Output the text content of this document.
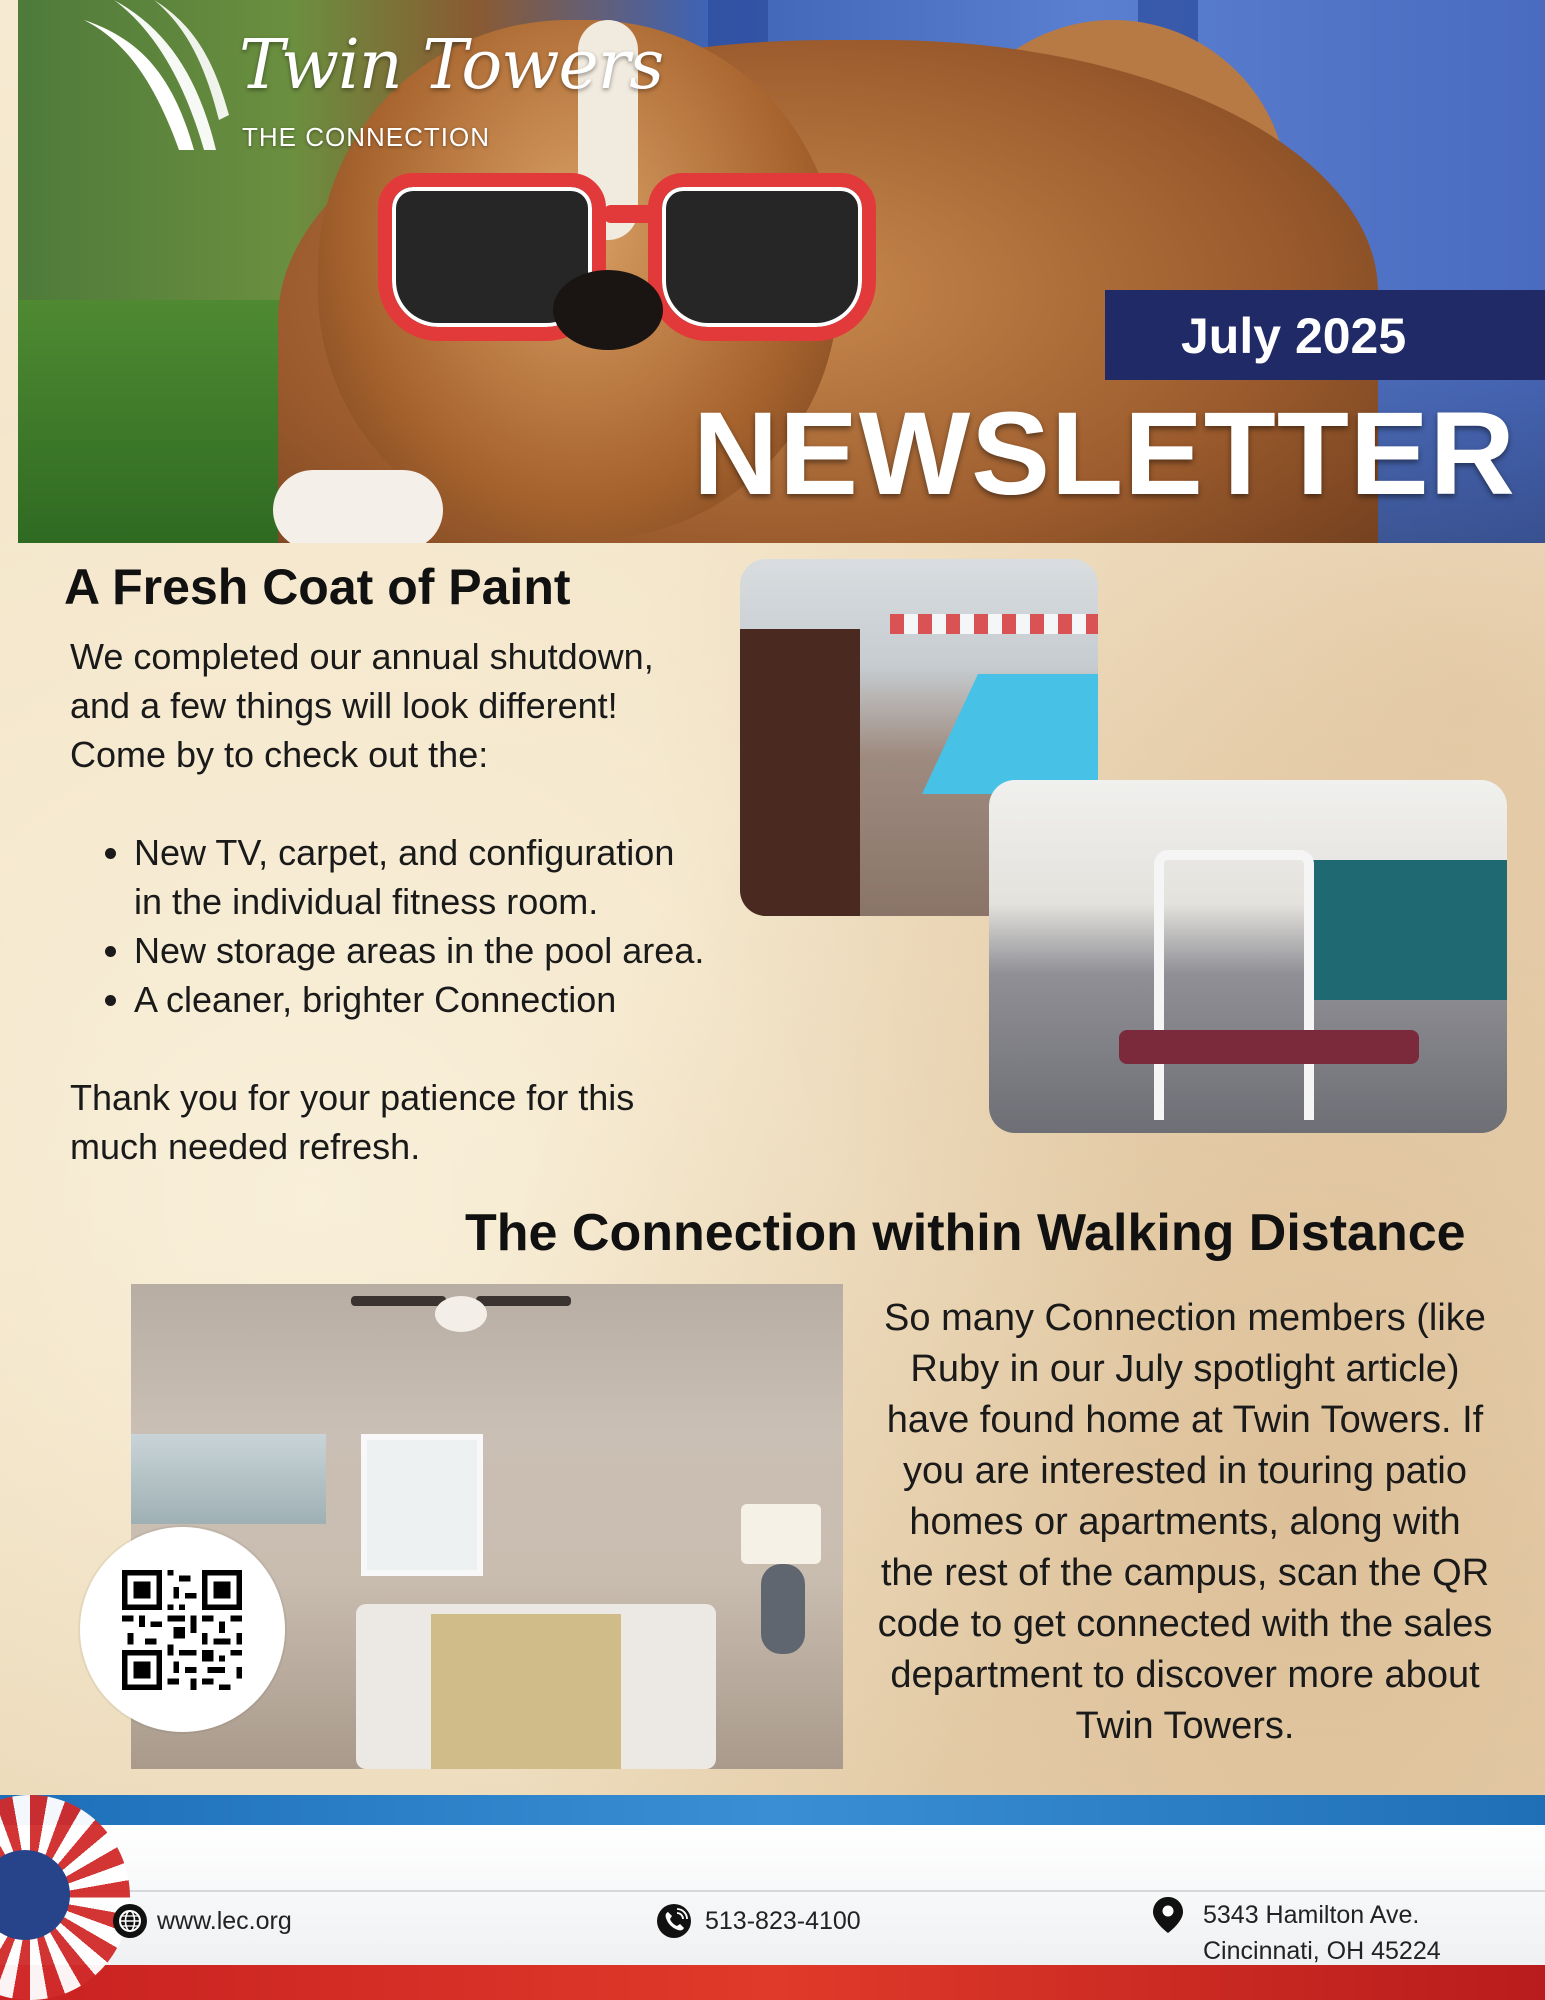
Twin Towers
THE CONNECTION
July 2025
NEWSLETTER
A Fresh Coat of Paint

We completed our annual shutdown,

and a few things will look different!

Come by to check out the:

• New TV, carpet, and configuration in the individual fitness room.
• New storage areas in the pool area.
• A cleaner, brighter Connection

Thank you for your patience for this

much needed refresh.

The Connection within Walking Distance
So many Connection members (like
Ruby in our July spotlight article)
have found home at Twin Towers. If
you are interested in touring patio
homes or apartments, along with
the rest of the campus, scan the QR
code to get connected with the sales
department to discover more about
Twin Towers.
www.lec.org	513-823-4100	5343 Hamilton Ave.
Cincinnati, OH 45224
